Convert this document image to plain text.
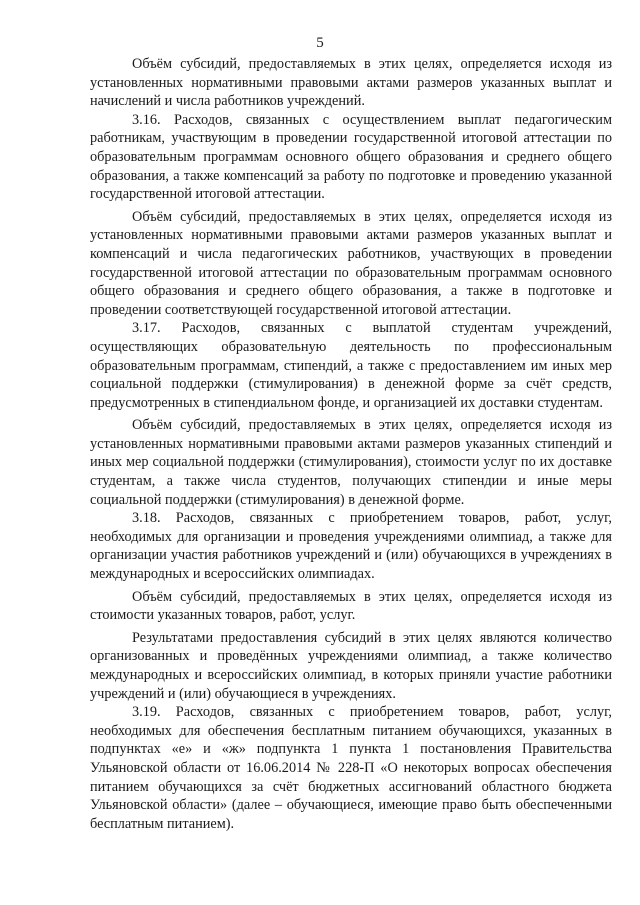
5

Объём субсидий, предоставляемых в этих целях, определяется исходя из установленных нормативными правовыми актами размеров указанных выплат и начислений и числа работников учреждений.

3.16. Расходов, связанных с осуществлением выплат педагогическим работникам, участвующим в проведении государственной итоговой аттестации по образовательным программам основного общего образования и среднего общего образования, а также компенсаций за работу по подготовке и проведению указанной государственной итоговой аттестации.

Объём субсидий, предоставляемых в этих целях, определяется исходя из установленных нормативными правовыми актами размеров указанных выплат и компенсаций и числа педагогических работников, участвующих в проведении государственной итоговой аттестации по образовательным программам основного общего образования и среднего общего образования, а также в подготовке и проведении соответствующей государственной итоговой аттестации.

3.17. Расходов, связанных с выплатой студентам учреждений, осуществляющих образовательную деятельность по профессиональным образовательным программам, стипендий, а также с предоставлением им иных мер социальной поддержки (стимулирования) в денежной форме за счёт средств, предусмотренных в стипендиальном фонде, и организацией их доставки студентам.

Объём субсидий, предоставляемых в этих целях, определяется исходя из установленных нормативными правовыми актами размеров указанных стипендий и иных мер социальной поддержки (стимулирования), стоимости услуг по их доставке студентам, а также числа студентов, получающих стипендии и иные меры социальной поддержки (стимулирования) в денежной форме.

3.18. Расходов, связанных с приобретением товаров, работ, услуг, необходимых для организации и проведения учреждениями олимпиад, а также для организации участия работников учреждений и (или) обучающихся в учреждениях в международных и всероссийских олимпиадах.

Объём субсидий, предоставляемых в этих целях, определяется исходя из стоимости указанных товаров, работ, услуг.

Результатами предоставления субсидий в этих целях являются количество организованных и проведённых учреждениями олимпиад, а также количество международных и всероссийских олимпиад, в которых приняли участие работники учреждений и (или) обучающиеся в учреждениях.

3.19. Расходов, связанных с приобретением товаров, работ, услуг, необходимых для обеспечения бесплатным питанием обучающихся, указанных в подпунктах «е» и «ж» подпункта 1 пункта 1 постановления Правительства Ульяновской области от 16.06.2014 № 228-П «О некоторых вопросах обеспечения питанием обучающихся за счёт бюджетных ассигнований областного бюджета Ульяновской области» (далее – обучающиеся, имеющие право быть обеспеченными бесплатным питанием).
